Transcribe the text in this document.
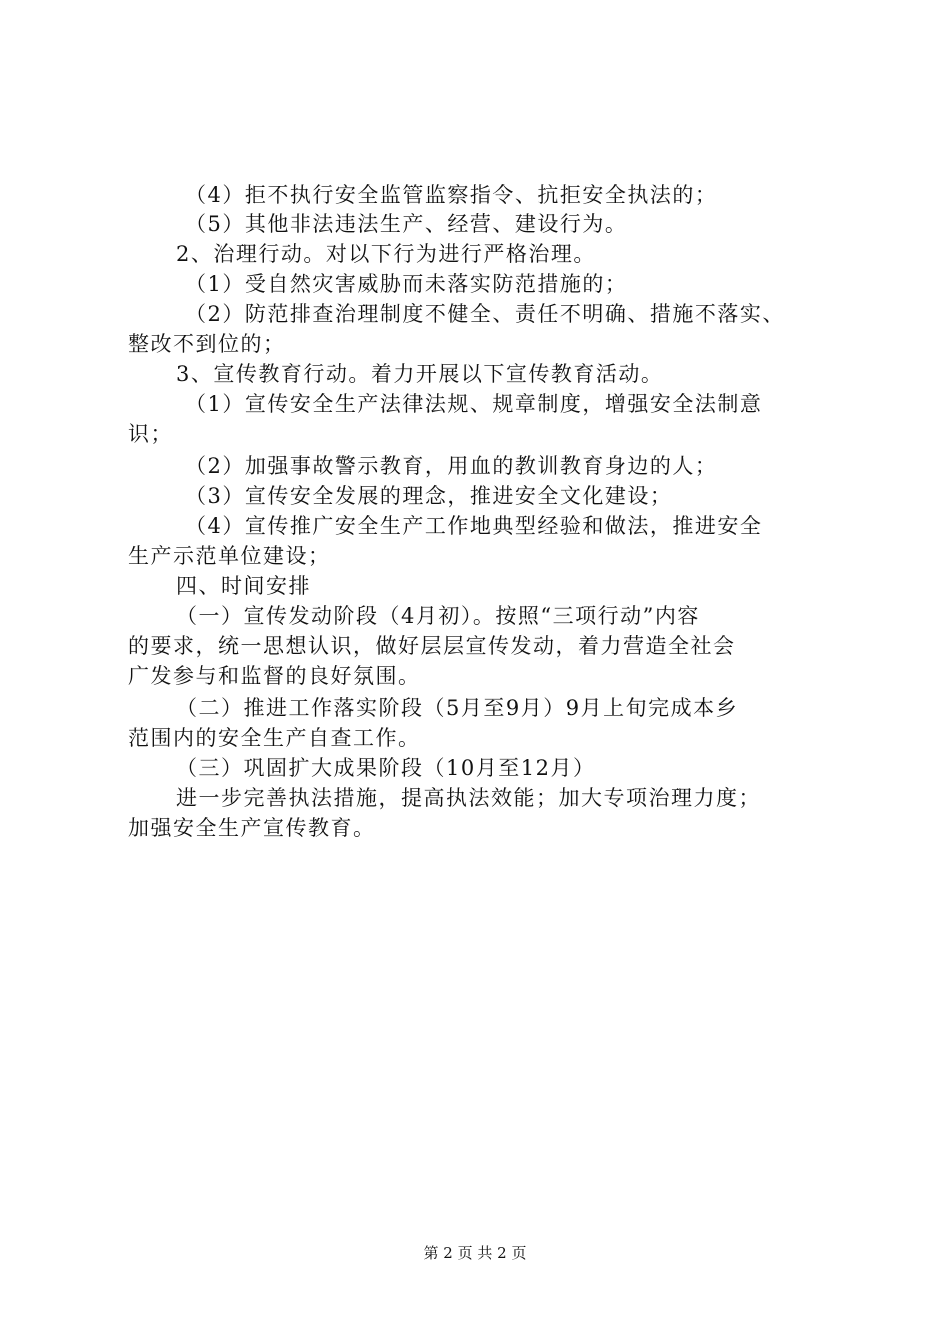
（4）拒不执行安全监管监察指令、抗拒安全执法的；
（5）其他非法违法生产、经营、建设行为。
2、治理行动。对以下行为进行严格治理。
（1）受自然灾害威胁而未落实防范措施的；
（2）防范排查治理制度不健全、责任不明确、措施不落实、
整改不到位的；
3、宣传教育行动。着力开展以下宣传教育活动。
（1）宣传安全生产法律法规、规章制度，增强安全法制意
识；
（2）加强事故警示教育，用血的教训教育身边的人；
（3）宣传安全发展的理念，推进安全文化建设；
（4）宣传推广安全生产工作地典型经验和做法，推进安全
生产示范单位建设；
四、时间安排
（一）宣传发动阶段（4月初）。按照“三项行动”内容
的要求，统一思想认识，做好层层宣传发动，着力营造全社会
广发参与和监督的良好氛围。
（二）推进工作落实阶段（5月至9月）9月上旬完成本乡
范围内的安全生产自查工作。
（三）巩固扩大成果阶段（10月至12月）
进一步完善执法措施，提高执法效能；加大专项治理力度；
加强安全生产宣传教育。
第 2 页 共 2 页
